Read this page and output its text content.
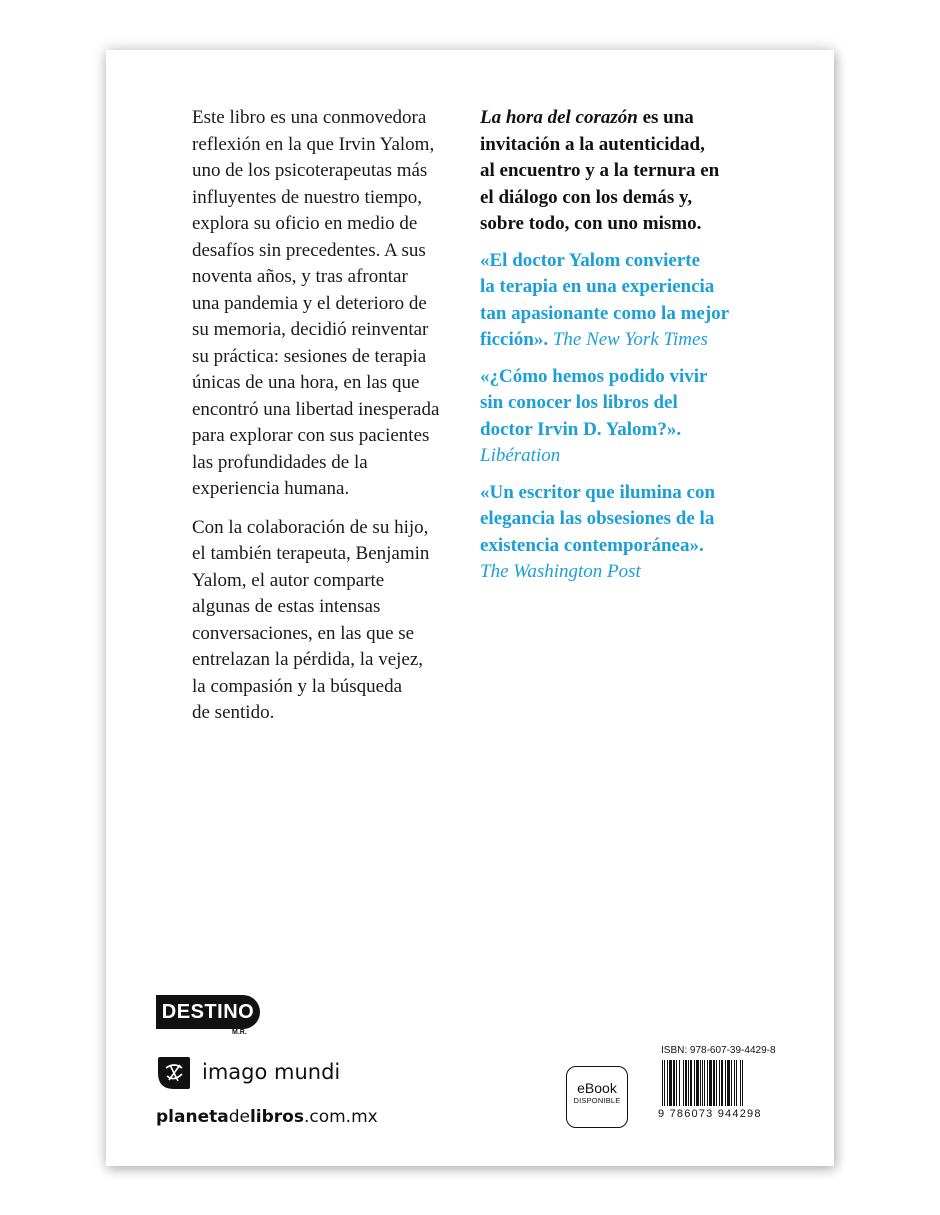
Este libro es una conmovedora
reflexión en la que Irvin Yalom,
uno de los psicoterapeutas más
influyentes de nuestro tiempo,
explora su oficio en medio de
desafíos sin precedentes. A sus
noventa años, y tras afrontar
una pandemia y el deterioro de
su memoria, decidió reinventar
su práctica: sesiones de terapia
únicas de una hora, en las que
encontró una libertad inesperada
para explorar con sus pacientes
las profundidades de la
experiencia humana.

Con la colaboración de su hijo,
el también terapeuta, Benjamin
Yalom, el autor comparte
algunas de estas intensas
conversaciones, en las que se
entrelazan la pérdida, la vejez,
la compasión y la búsqueda
de sentido.

La hora del corazón es una
invitación a la autenticidad,
al encuentro y a la ternura en
el diálogo con los demás y,
sobre todo, con uno mismo.

«El doctor Yalom convierte
la terapia en una experiencia
tan apasionante como la mejor
ficción». The New York Times

«¿Cómo hemos podido vivir
sin conocer los libros del
doctor Irvin D. Yalom?».
Libération

«Un escritor que ilumina con
elegancia las obsesiones de la
existencia contemporánea».
The Washington Post

DESTINO
M.R.
imago mundi
planetadelibros.com.mx
eBook
DISPONIBLE
ISBN: 978-607-39-4429-8
9 786073 944298
